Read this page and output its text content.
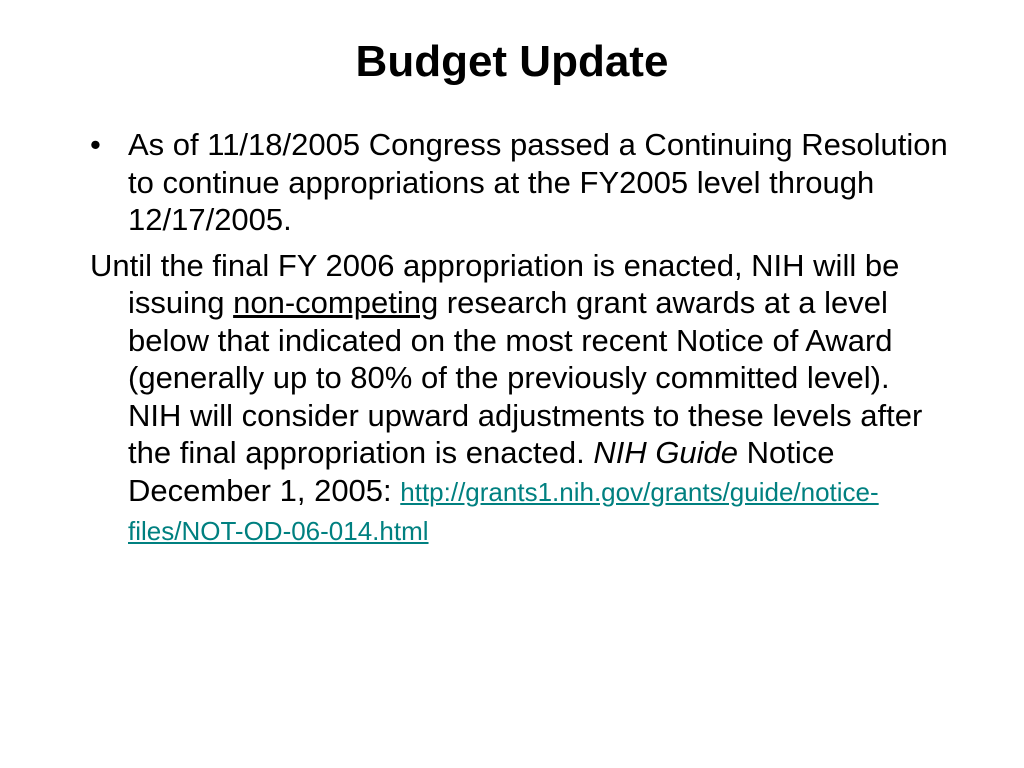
Budget Update
• As of 11/18/2005 Congress passed a Continuing Resolution to continue appropriations at the FY2005 level through 12/17/2005.

Until the final FY 2006 appropriation is enacted, NIH will be issuing non-competing research grant awards at a level below that indicated on the most recent Notice of Award (generally up to 80% of the previously committed level). NIH will consider upward adjustments to these levels after the final appropriation is enacted. NIH Guide Notice December 1, 2005: http://grants1.nih.gov/grants/guide/notice-files/NOT-OD-06-014.html
